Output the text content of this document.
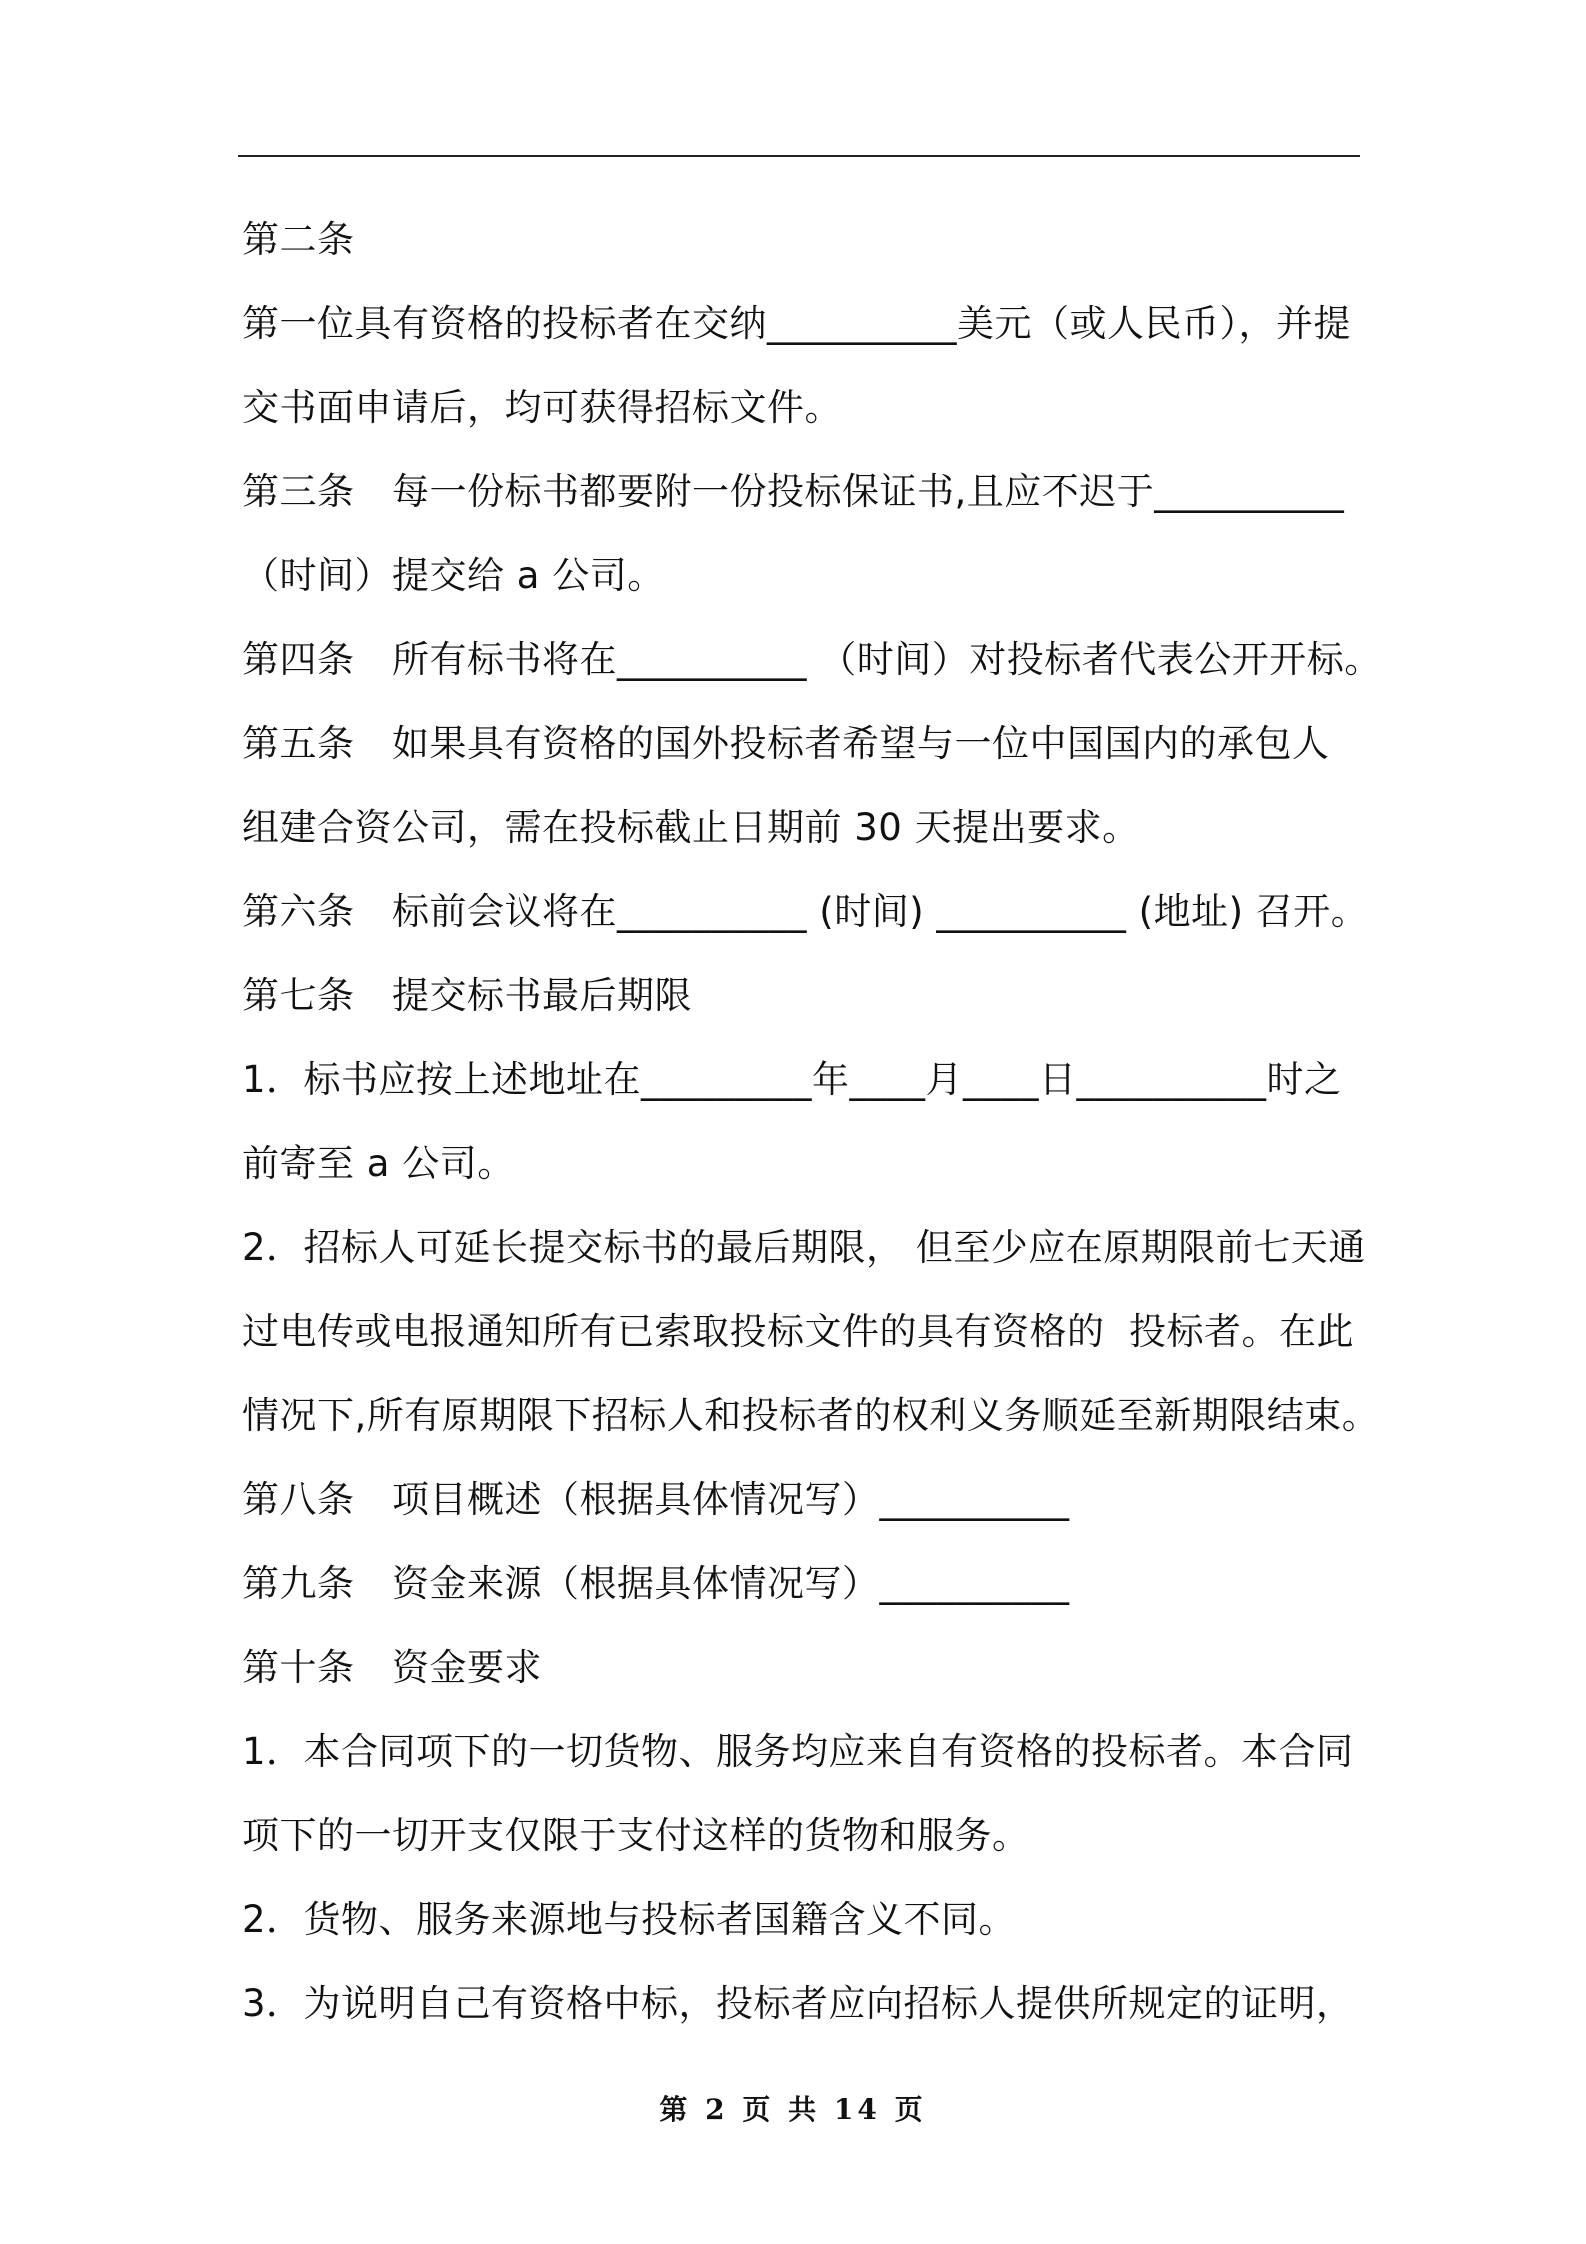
第二条
第一位具有资格的投标者在交纳__________美元（或人民币），并提
交书面申请后，均可获得招标文件。
第三条　每一份标书都要附一份投标保证书,且应不迟于__________
（时间）提交给 a 公司。
第四条　所有标书将在__________ （时间）对投标者代表公开开标。
第五条　如果具有资格的国外投标者希望与一位中国国内的承包人
组建合资公司，需在投标截止日期前 30 天提出要求。
第六条　标前会议将在__________ (时间) __________ (地址) 召开。
第七条　提交标书最后期限
1．标书应按上述地址在_________年____月____日__________时之
前寄至 a 公司。
2．招标人可延长提交标书的最后期限， 但至少应在原期限前七天通
过电传或电报通知所有已索取投标文件的具有资格的  投标者。在此
情况下,所有原期限下招标人和投标者的权利义务顺延至新期限结束。
第八条　项目概述（根据具体情况写）__________
第九条　资金来源（根据具体情况写）__________
第十条　资金要求
1．本合同项下的一切货物、服务均应来自有资格的投标者。本合同
项下的一切开支仅限于支付这样的货物和服务。
2．货物、服务来源地与投标者国籍含义不同。
3．为说明自己有资格中标，投标者应向招标人提供所规定的证明，
第 2 页 共 14 页
